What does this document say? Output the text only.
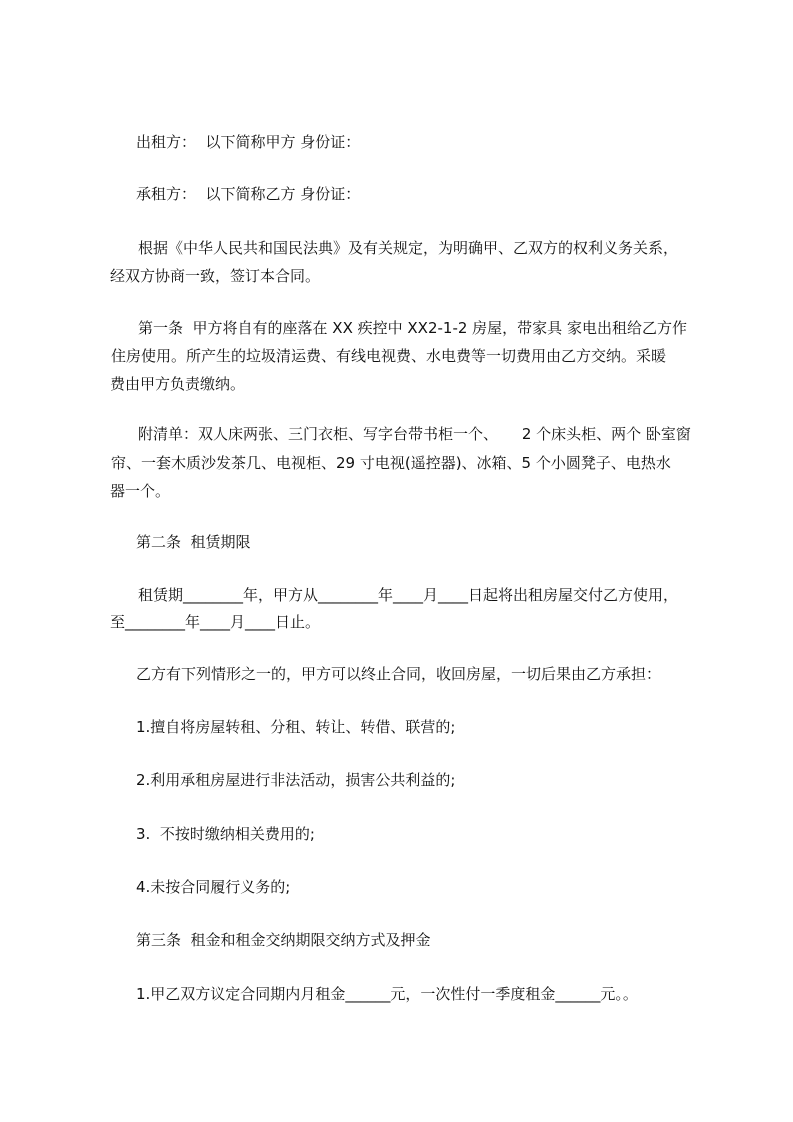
出租方：  以下简称甲方 身份证：
承租方：  以下简称乙方 身份证：
根据《中华人民共和国民法典》及有关规定，为明确甲、乙双方的权利义务关系，
经双方协商一致，签订本合同。
第一条  甲方将自有的座落在 XX 疾控中 XX2-1-2 房屋，带家具 家电出租给乙方作
住房使用。所产生的垃圾清运费、有线电视费、水电费等一切费用由乙方交纳。采暖
费由甲方负责缴纳。
附清单：双人床两张、三门衣柜、写字台带书柜一个、     2 个床头柜、两个 卧室窗
帘、一套木质沙发茶几、电视柜、29 寸电视(遥控器)、冰箱、5 个小圆凳子、电热水
器一个。
第二条  租赁期限
租赁期________年，甲方从________年____月____日起将出租房屋交付乙方使用，
至________年____月____日止。
乙方有下列情形之一的，甲方可以终止合同，收回房屋，一切后果由乙方承担：
1.擅自将房屋转租、分租、转让、转借、联营的;
2.利用承租房屋进行非法活动，损害公共利益的;
3.  不按时缴纳相关费用的;
4.未按合同履行义务的;
第三条  租金和租金交纳期限交纳方式及押金
1.甲乙双方议定合同期内月租金______元，一次性付一季度租金______元。。
